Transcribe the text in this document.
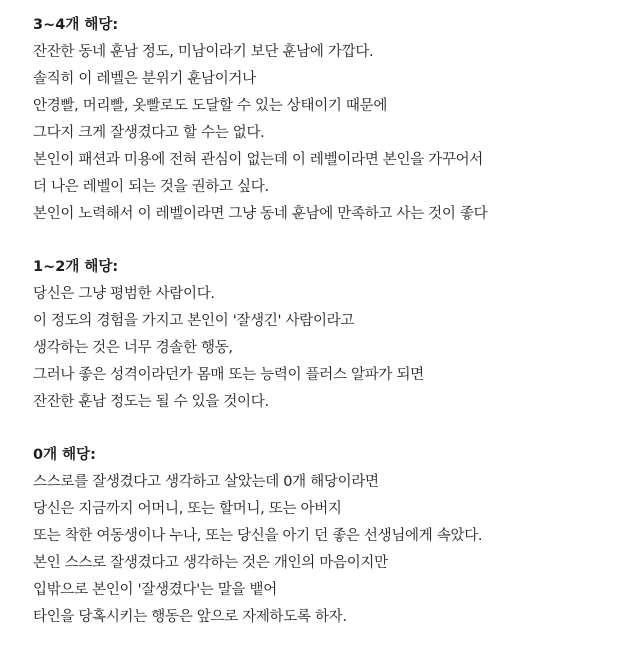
3~4개 해당:

잔잔한 동네 훈남 정도, 미남이라기 보단 훈남에 가깝다.

솔직히 이 레벨은 분위기 훈남이거나

안경빨, 머리빨, 옷빨로도 도달할 수 있는 상태이기 때문에

그다지 크게 잘생겼다고 할 수는 없다.

본인이 패션과 미용에 전혀 관심이 없는데 이 레벨이라면 본인을 가꾸어서

더 나은 레벨이 되는 것을 권하고 싶다.

본인이 노력해서 이 레벨이라면 그냥 동네 훈남에 만족하고 사는 것이 좋다

1~2개 해당:

당신은 그냥 평범한 사람이다.

이 정도의 경험을 가지고 본인이 '잘생긴' 사람이라고

생각하는 것은 너무 경솔한 행동,

그러나 좋은 성격이라던가 몸매 또는 능력이 플러스 알파가 되면

잔잔한 훈남 정도는 될 수 있을 것이다.

0개 해당:

스스로를 잘생겼다고 생각하고 살았는데 0개 해당이라면

당신은 지금까지 어머니, 또는 할머니, 또는 아버지

또는 착한 여동생이나 누나, 또는 당신을 아기 던 좋은 선생님에게 속았다.

본인 스스로 잘생겼다고 생각하는 것은 개인의 마음이지만

입밖으로 본인이 '잘생겼다'는 말을 뱉어

타인을 당혹시키는 행동은 앞으로 자제하도록 하자.
